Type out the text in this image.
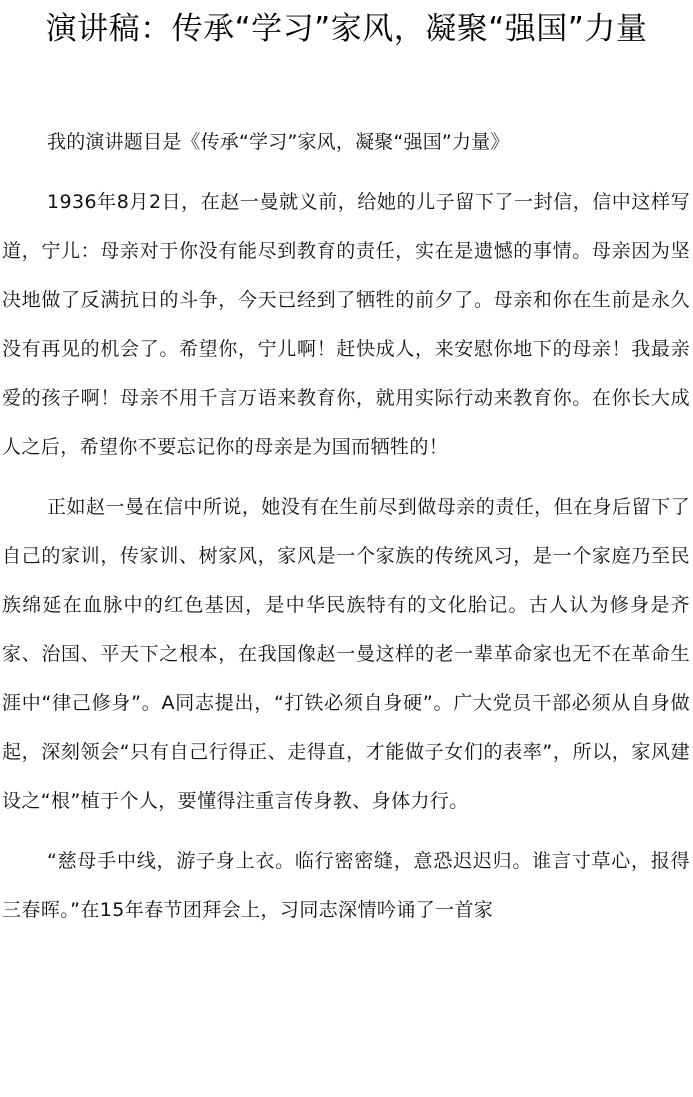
演讲稿：传承“学习”家风，凝聚“强国”力量

我的演讲题目是《传承“学习”家风，凝聚“强国”力量》

1936年8月2日，在赵一曼就义前，给她的儿子留下了一封信，信中这样写道，宁儿：母亲对于你没有能尽到教育的责任，实在是遗憾的事情。母亲因为坚决地做了反满抗日的斗争，今天已经到了牺牲的前夕了。母亲和你在生前是永久没有再见的机会了。希望你，宁儿啊！赶快成人，来安慰你地下的母亲！我最亲爱的孩子啊！母亲不用千言万语来教育你，就用实际行动来教育你。在你长大成人之后，希望你不要忘记你的母亲是为国而牺牲的！

正如赵一曼在信中所说，她没有在生前尽到做母亲的责任，但在身后留下了自己的家训，传家训、树家风，家风是一个家族的传统风习，是一个家庭乃至民族绵延在血脉中的红色基因，是中华民族特有的文化胎记。古人认为修身是齐家、治国、平天下之根本，在我国像赵一曼这样的老一辈革命家也无不在革命生涯中“律己修身”。A同志提出，“打铁必须自身硬”。广大党员干部必须从自身做起，深刻领会“只有自己行得正、走得直，才能做子女们的表率”，所以，家风建设之“根”植于个人，要懂得注重言传身教、身体力行。

“慈母手中线，游子身上衣。临行密密缝，意恐迟迟归。谁言寸草心，报得三春晖。”在15年春节团拜会上，习同志深情吟诵了一首家
